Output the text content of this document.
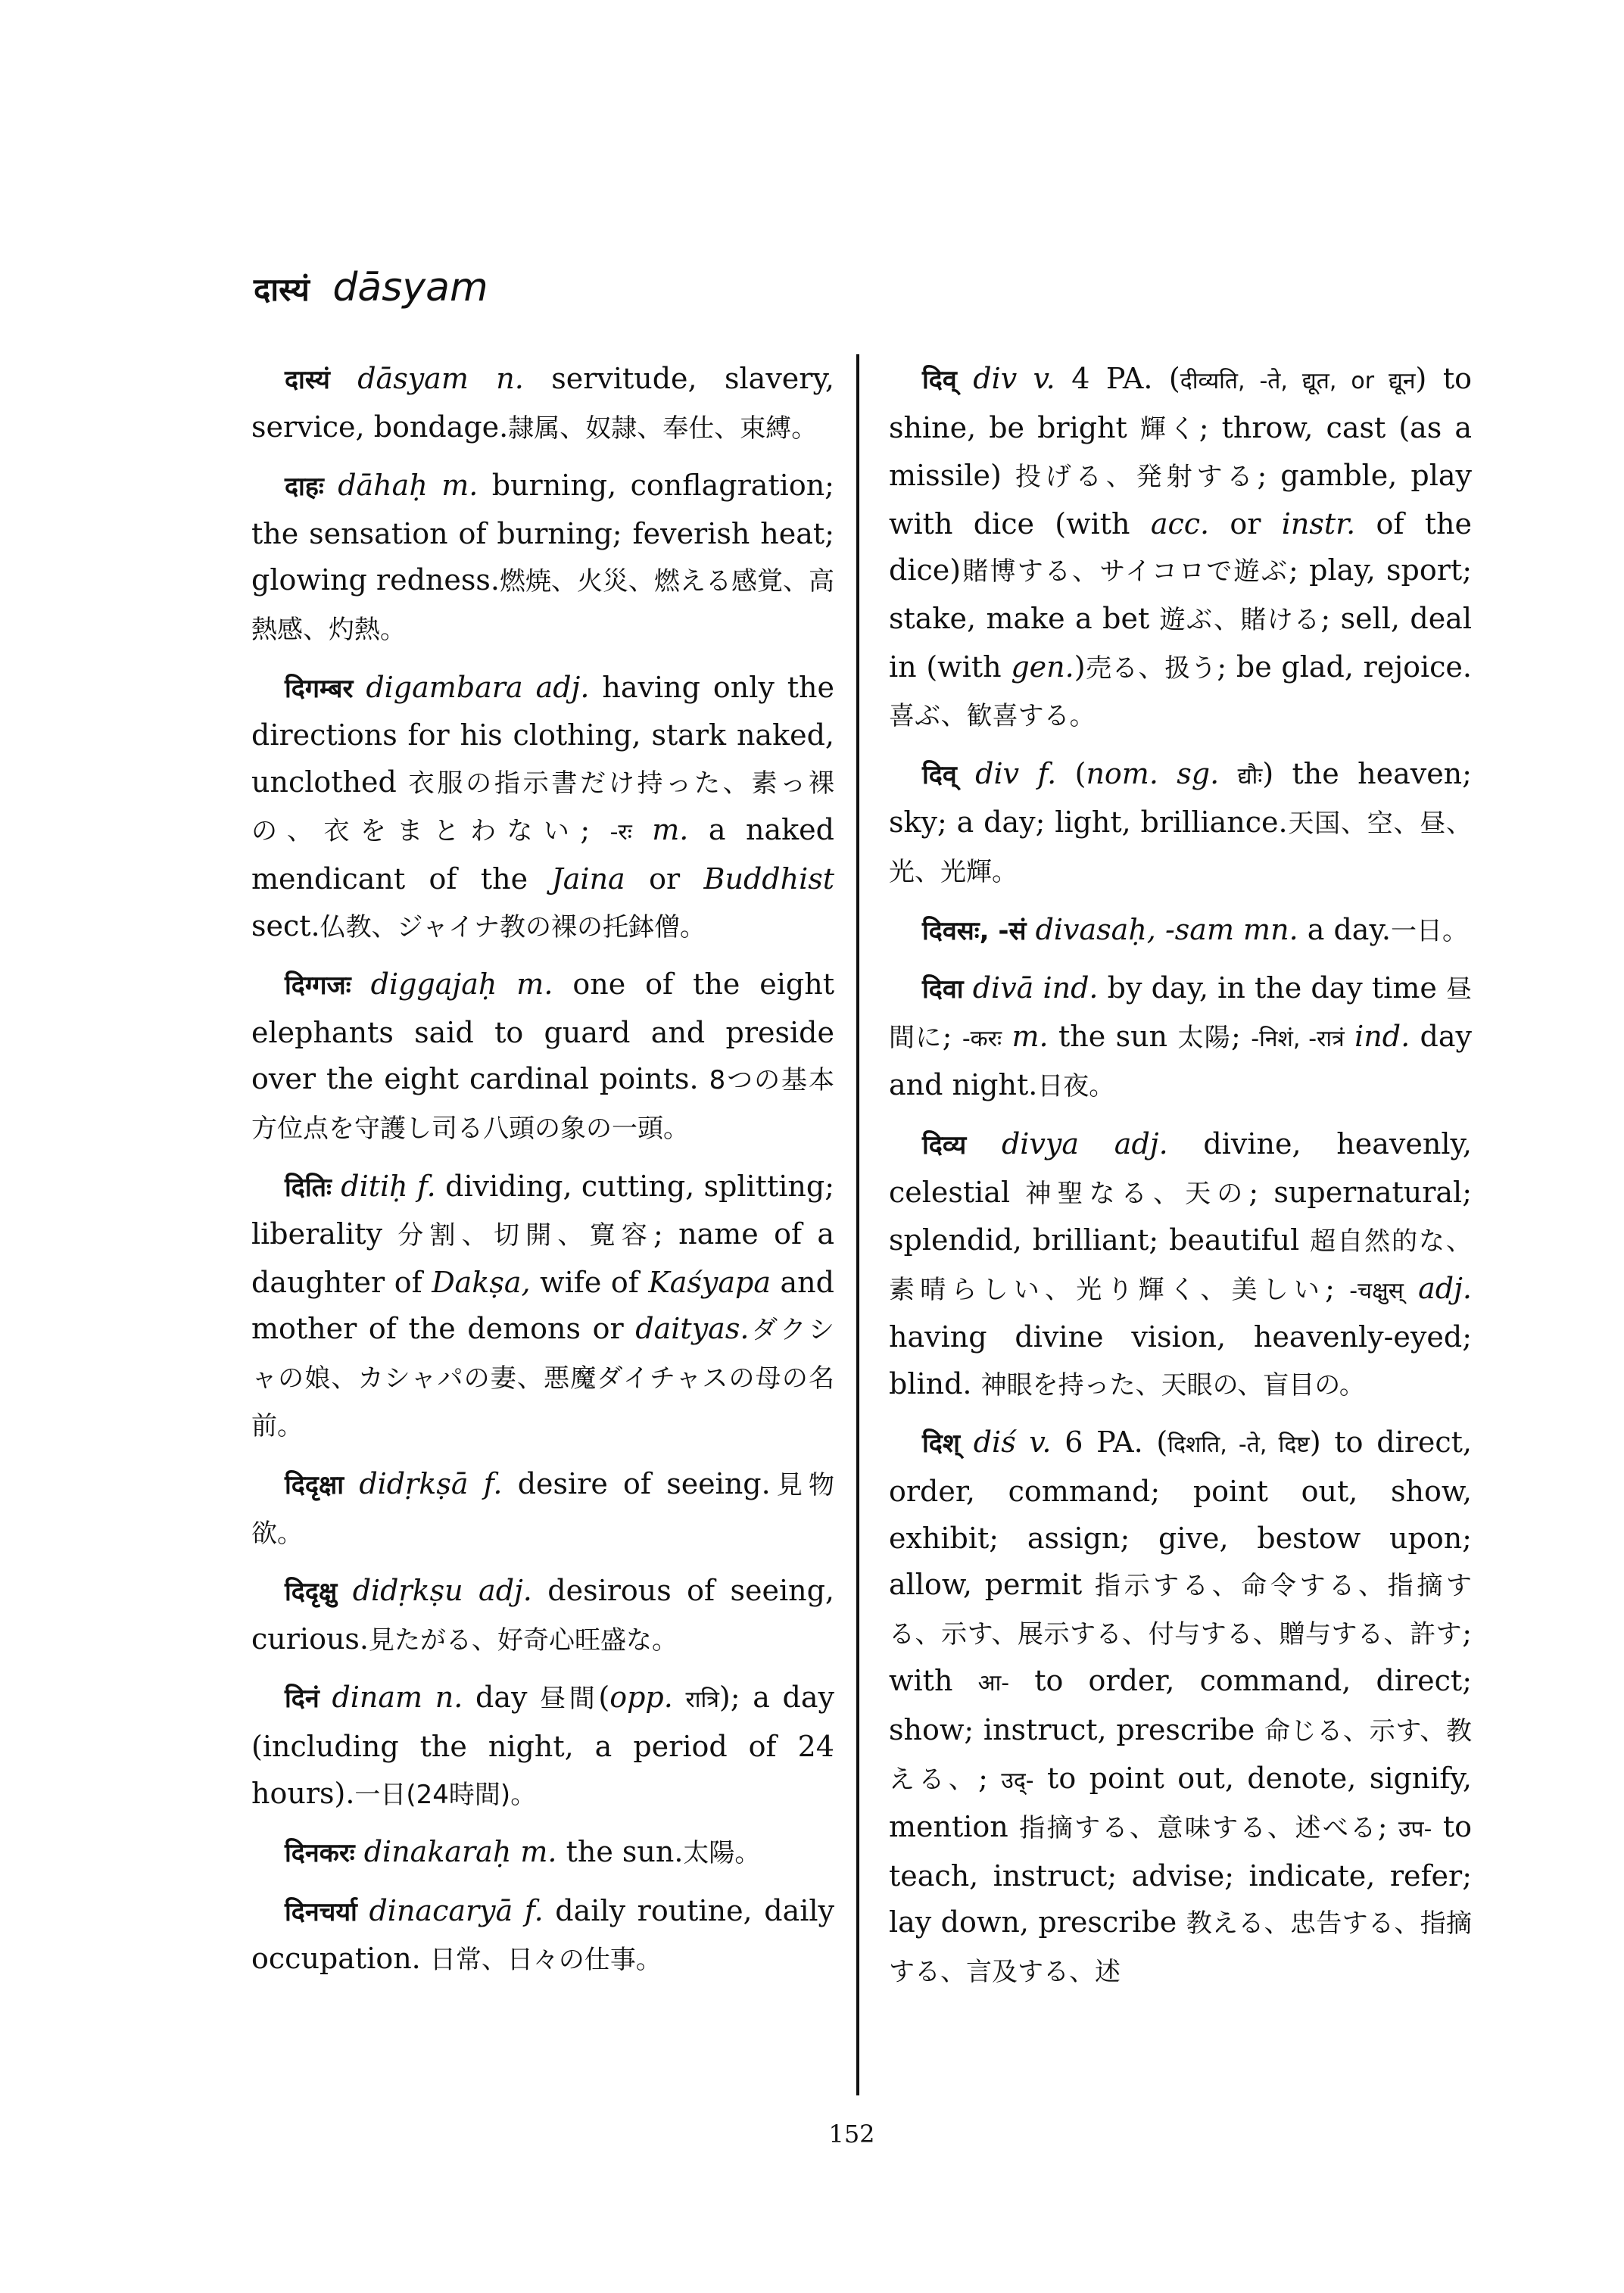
दास्यं dāsyam

दास्यं dāsyam n. servitude, slavery, service, bondage.隷属、奴隷、奉仕、束縛。

दाहः dāhaḥ m. burning, conflagration; the sensation of burning; feverish heat; glowing redness.燃焼、火災、燃える感覚、高熱感、灼熱。

दिगम्बर digambara adj. having only the directions for his clothing, stark naked, unclothed 衣服の指示書だけ持った、素っ裸の、衣をまとわない; -रः m. a naked mendicant of the Jaina or Buddhist sect.仏教、ジャイナ教の裸の托鉢僧。

दिग्गजः diggajaḥ m. one of the eight elephants said to guard and preside over the eight cardinal points. 8つの基本方位点を守護し司る八頭の象の一頭。

दितिः ditiḥ f. dividing, cutting, splitting; liberality 分割、切開、寛容; name of a daughter of Dakṣa, wife of Kaśyapa and mother of the demons or daityas.ダクシャの娘、カシャパの妻、悪魔ダイチャスの母の名前。

दिदृक्षा didṛkṣā f. desire of seeing.見物欲。

दिदृक्षु didṛkṣu adj. desirous of seeing, curious.見たがる、好奇心旺盛な。

दिनं dinam n. day 昼間(opp. रात्रि); a day (including the night, a period of 24 hours).一日(24時間)。

दिनकरः dinakaraḥ m. the sun.太陽。

दिनचर्या dinacaryā f. daily routine, daily occupation. 日常、日々の仕事。

दिव् div v. 4 PA. (दीव्यति, -ते, द्यूत, or द्यून) to shine, be bright 輝く; throw, cast (as a missile) 投げる、発射する; gamble, play with dice (with acc. or instr. of the dice)賭博する、サイコロで遊ぶ; play, sport; stake, make a bet 遊ぶ、賭ける; sell, deal in (with gen.)売る、扱う; be glad, rejoice.喜ぶ、歓喜する。

दिव् div f. (nom. sg. द्यौः) the heaven; sky; a day; light, brilliance.天国、空、昼、光、光輝。

दिवसः, -सं divasaḥ, -sam mn. a day.一日。

दिवा divā ind. by day, in the day time 昼間に; -करः m. the sun 太陽; -निशं, -रात्रं ind. day and night.日夜。

दिव्य divya adj. divine, heavenly, celestial 神聖なる、天の; supernatural; splendid, brilliant; beautiful 超自然的な、素晴らしい、光り輝く、美しい; -चक्षुस् adj. having divine vision, heavenly-eyed; blind. 神眼を持った、天眼の、盲目の。

दिश् diś v. 6 PA. (दिशति, -ते, दिष्ट) to direct, order, command; point out, show, exhibit; assign; give, bestow upon; allow, permit 指示する、命令する、指摘する、示す、展示する、付与する、贈与する、許す; with आ- to order, command, direct; show; instruct, prescribe 命じる、示す、教える、; उद्- to point out, denote, signify, mention 指摘する、意味する、述べる; उप- to teach, instruct; advise; indicate, refer; lay down, prescribe 教える、忠告する、指摘する、言及する、述

152
